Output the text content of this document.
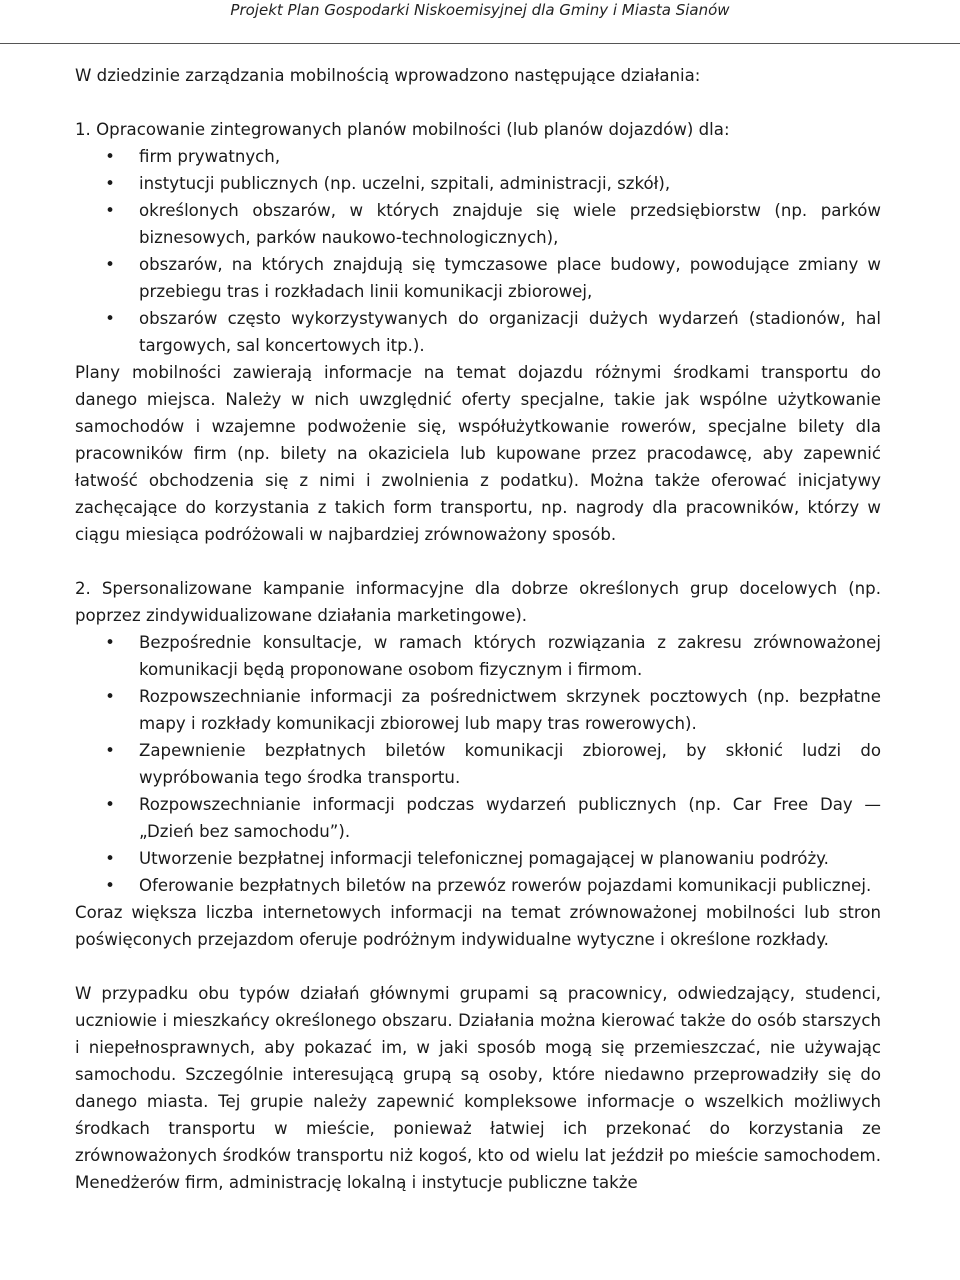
Projekt Plan Gospodarki Niskoemisyjnej dla Gminy i Miasta Sianów

W dziedzinie zarządzania mobilnością wprowadzono następujące działania:

1. Opracowanie zintegrowanych planów mobilności (lub planów dojazdów) dla:

• firm prywatnych,
• instytucji publicznych (np. uczelni, szpitali, administracji, szkół),
• określonych obszarów, w których znajduje się wiele przedsiębiorstw (np. parków biznesowych, parków naukowo-technologicznych),
• obszarów, na których znajdują się tymczasowe place budowy, powodujące zmiany w przebiegu tras i rozkładach linii komunikacji zbiorowej,
• obszarów często wykorzystywanych do organizacji dużych wydarzeń (stadionów, hal targowych, sal koncertowych itp.).

Plany mobilności zawierają informacje na temat dojazdu różnymi środkami transportu do danego miejsca. Należy w nich uwzględnić oferty specjalne, takie jak wspólne użytkowanie samochodów i wzajemne podwożenie się, współużytkowanie rowerów, specjalne bilety dla pracowników firm (np. bilety na okaziciela lub kupowane przez pracodawcę, aby zapewnić łatwość obchodzenia się z nimi i zwolnienia z podatku). Można także oferować inicjatywy zachęcające do korzystania z takich form transportu, np. nagrody dla pracowników, którzy w ciągu miesiąca podróżowali w najbardziej zrównoważony sposób.

2. Spersonalizowane kampanie informacyjne dla dobrze określonych grup docelowych (np. poprzez zindywidualizowane działania marketingowe).

• Bezpośrednie konsultacje, w ramach których rozwiązania z zakresu zrównoważonej komunikacji będą proponowane osobom fizycznym i firmom.
• Rozpowszechnianie informacji za pośrednictwem skrzynek pocztowych (np. bezpłatne mapy i rozkłady komunikacji zbiorowej lub mapy tras rowerowych).
• Zapewnienie bezpłatnych biletów komunikacji zbiorowej, by skłonić ludzi do wypróbowania tego środka transportu.
• Rozpowszechnianie informacji podczas wydarzeń publicznych (np. Car Free Day — „Dzień bez samochodu”).
• Utworzenie bezpłatnej informacji telefonicznej pomagającej w planowaniu podróży.
• Oferowanie bezpłatnych biletów na przewóz rowerów pojazdami komunikacji publicznej.

Coraz większa liczba internetowych informacji na temat zrównoważonej mobilności lub stron poświęconych przejazdom oferuje podróżnym indywidualne wytyczne i określone rozkłady.

W przypadku obu typów działań głównymi grupami są pracownicy, odwiedzający, studenci, uczniowie i mieszkańcy określonego obszaru. Działania można kierować także do osób starszych i niepełnosprawnych, aby pokazać im, w jaki sposób mogą się przemieszczać, nie używając samochodu. Szczególnie interesującą grupą są osoby, które niedawno przeprowadziły się do danego miasta. Tej grupie należy zapewnić kompleksowe informacje o wszelkich możliwych środkach transportu w mieście, ponieważ łatwiej ich przekonać do korzystania ze zrównoważonych środków transportu niż kogoś, kto od wielu lat jeździł po mieście samochodem. Menedżerów firm, administrację lokalną i instytucje publiczne także
